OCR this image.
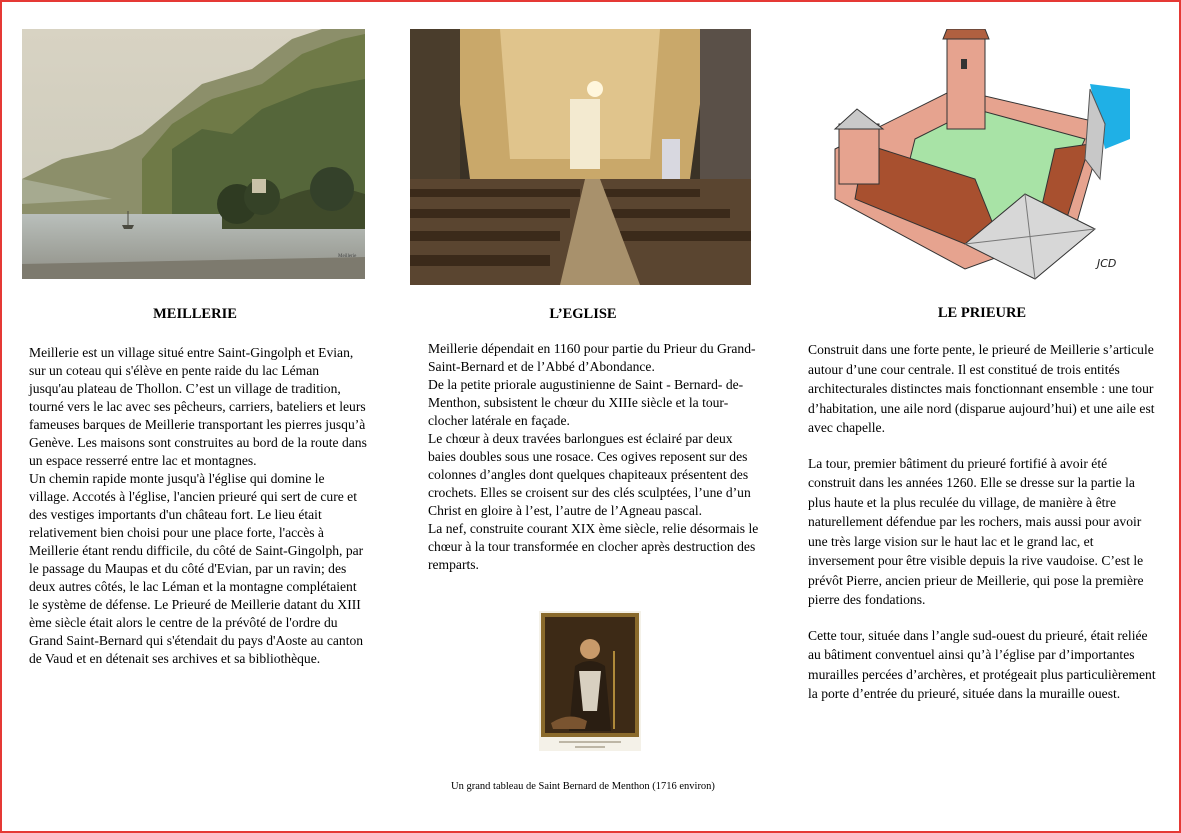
Meillerie
MEILLERIE

Meillerie est un village situé entre Saint-Gingolph et Evian, sur un coteau qui s'élève en pente raide du lac Léman jusqu'au plateau de Thollon. C’est un village de tradition, tourné vers le lac avec ses pêcheurs, carriers, bateliers et leurs fameuses barques de Meillerie transportant les pierres jusqu’à Genève. Les maisons sont construites au bord de la route dans un espace resserré entre lac et montagnes.

Un chemin rapide monte jusqu'à l'église qui domine le village. Accotés à l'église, l'ancien prieuré qui sert de cure et des vestiges importants d'un château fort. Le lieu était relativement bien choisi pour une place forte, l'accès à Meillerie étant rendu difficile, du côté de Saint-Gingolph, par le passage du Maupas et du côté d'Evian, par un ravin; des deux autres côtés, le lac Léman et la montagne complétaient le système de défense. Le Prieuré de Meillerie datant du XIII ème siècle était alors le centre de la prévôté de l'ordre du Grand Saint-Bernard qui s'étendait du pays d'Aoste au canton de Vaud et en détenait ses archives et sa bibliothèque.

L’EGLISE

Meillerie dépendait en 1160 pour partie du Prieur du Grand-Saint-Bernard et de l’Abbé d’Abondance.

De la petite priorale augustinienne de Saint - Bernard- de- Menthon, subsistent le chœur du XIIIe siècle et la tour-clocher latérale en façade.

Le chœur à deux travées barlongues est éclairé par deux baies doubles sous une rosace. Ces ogives reposent sur des colonnes d’angles dont quelques chapiteaux présentent des crochets. Elles se croisent sur des clés sculptées, l’une d’un Christ en gloire à l’est, l’autre de l’Agneau pascal.

La nef, construite courant XIX ème siècle, relie désormais le chœur à la tour transformée en clocher après destruction des remparts.

Un grand tableau de Saint Bernard de Menthon (1716 environ)
JCD
LE PRIEURE

Construit dans une forte pente, le prieuré de Meillerie s’articule autour d’une cour centrale. Il est constitué de trois entités architecturales distinctes mais fonctionnant ensemble : une tour d’habitation, une aile nord (disparue aujourd’hui) et une aile est avec chapelle.

La tour, premier bâtiment du prieuré fortifié à avoir été construit dans les années 1260. Elle se dresse sur la partie la plus haute et la plus reculée du village, de manière à être naturellement défendue par les rochers, mais aussi pour avoir une très large vision sur le haut lac et le grand lac, et inversement pour être visible depuis la rive vaudoise. C’est le prévôt Pierre, ancien prieur de Meillerie, qui pose la première pierre des fondations.

Cette tour, située dans l’angle sud-ouest du prieuré, était reliée au bâtiment conventuel ainsi qu’à l’église par d’importantes murailles percées d’archères, et protégeait plus particulièrement la porte d’entrée du prieuré, située dans la muraille ouest.
